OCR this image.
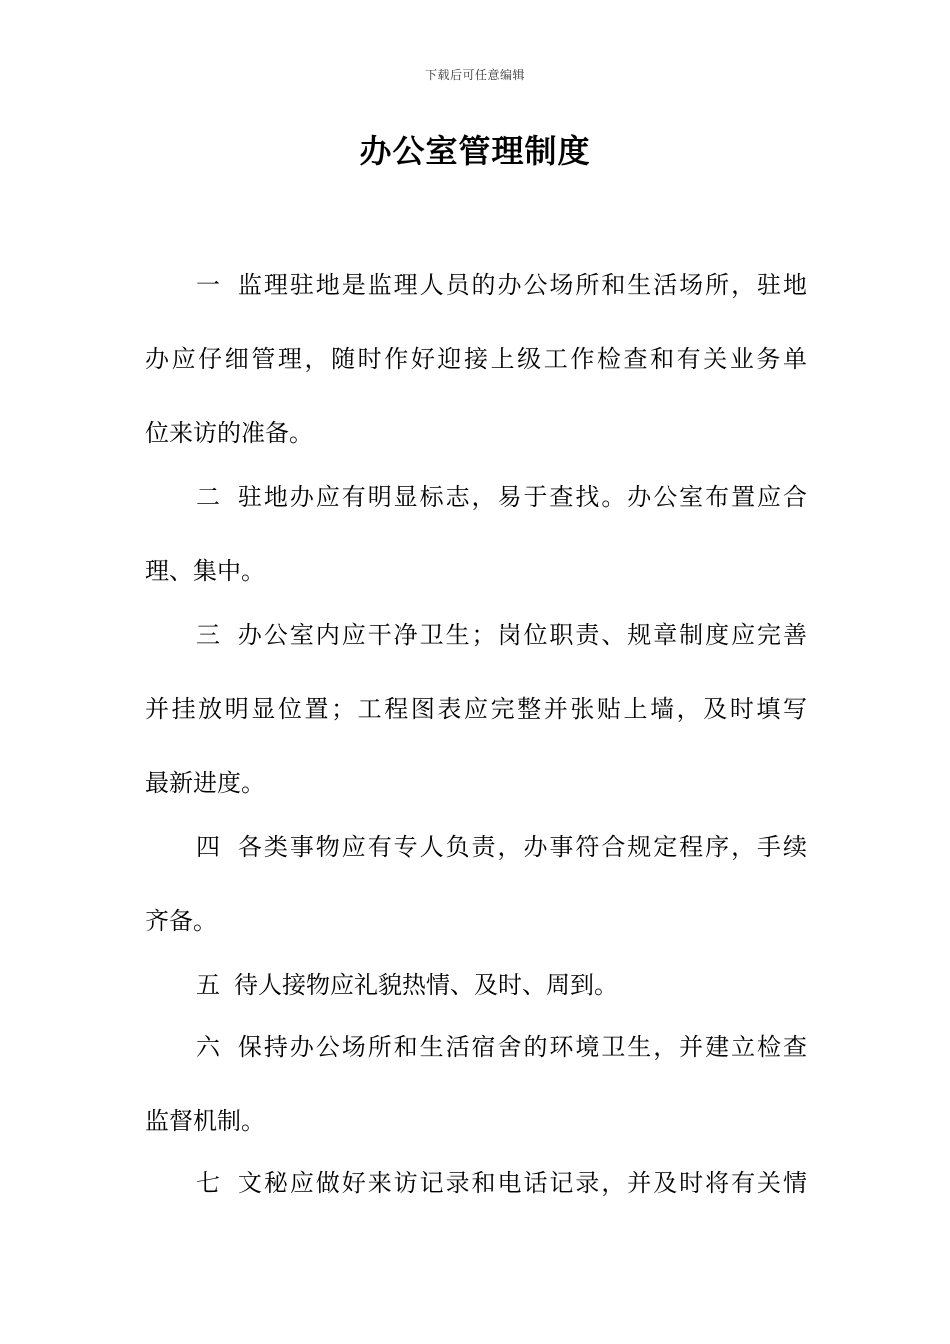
下载后可任意编辑
办公室管理制度
一 监理驻地是监理人员的办公场所和生活场所，驻地
办应仔细管理，随时作好迎接上级工作检查和有关业务单
位来访的准备。
二 驻地办应有明显标志，易于查找。办公室布置应合
理、集中。
三 办公室内应干净卫生；岗位职责、规章制度应完善
并挂放明显位置；工程图表应完整并张贴上墙，及时填写
最新进度。
四 各类事物应有专人负责，办事符合规定程序，手续
齐备。
五 待人接物应礼貌热情、及时、周到。
六 保持办公场所和生活宿舍的环境卫生，并建立检查
监督机制。
七 文秘应做好来访记录和电话记录，并及时将有关情
